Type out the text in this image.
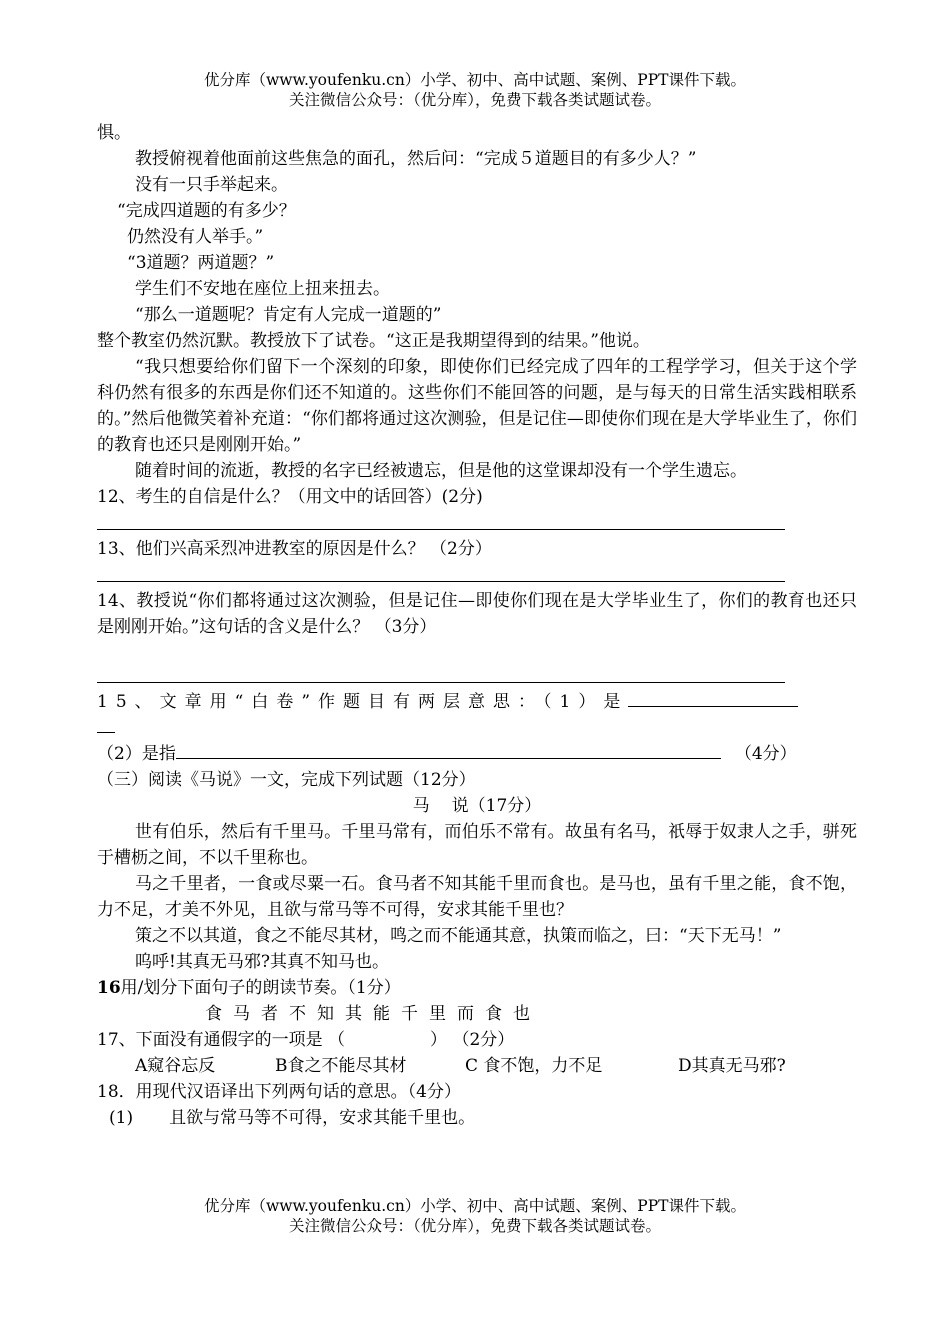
优分库（www.youfenku.cn）小学、初中、高中试题、案例、PPT课件下载。
关注微信公众号：（优分库），免费下载各类试题试卷。
惧。
教授俯视着他面前这些焦急的面孔，然后问：“完成５道题目的有多少人？”
没有一只手举起来。
“完成四道题的有多少？
仍然没有人举手。”
“3道题？两道题？”
学生们不安地在座位上扭来扭去。
“那么一道题呢？肯定有人完成一道题的”
整个教室仍然沉默。教授放下了试卷。“这正是我期望得到的结果。”他说。
“我只想要给你们留下一个深刻的印象，即使你们已经完成了四年的工程学学习，但关于这个学科仍然有很多的东西是你们还不知道的。这些你们不能回答的问题，是与每天的日常生活实践相联系的。”然后他微笑着补充道：“你们都将通过这次测验，但是记住—即使你们现在是大学毕业生了，你们的教育也还只是刚刚开始。”
随着时间的流逝，教授的名字已经被遗忘，但是他的这堂课却没有一个学生遗忘。
12、考生的自信是什么？（用文中的话回答）(2分)
13、他们兴高采烈冲进教室的原因是什么？ （2分）
14、教授说“你们都将通过这次测验，但是记住—即使你们现在是大学毕业生了，你们的教育也还只是刚刚开始。”这句话的含义是什么？ （3分）
15、文章用“白卷”作题目有两层意思：（1）是
（2）是指	（4分）
（三）阅读《马说》一文，完成下列试题（12分）
马 说（17分）
世有伯乐，然后有千里马。千里马常有，而伯乐不常有。故虽有名马，祇辱于奴隶人之手，骈死于槽枥之间，不以千里称也。
马之千里者，一食或尽粟一石。食马者不知其能千里而食也。是马也，虽有千里之能，食不饱，力不足，才美不外见，且欲与常马等不可得，安求其能千里也？
策之不以其道，食之不能尽其材，鸣之而不能通其意，执策而临之，曰：“天下无马！”
呜呼!其真无马邪?其真不知马也。
16用/划分下面句子的朗读节奏。（1分）
食马者不知其能千里而食也
17、下面没有通假字的一项是 （　　　　　） （2分）
A窥谷忘反	B食之不能尽其材	C 食不饱，力不足	D其真无马邪?
18．用现代汉语译出下列两句话的意思。（4分）
(1) 且欲与常马等不可得，安求其能千里也。
优分库（www.youfenku.cn）小学、初中、高中试题、案例、PPT课件下载。
关注微信公众号：（优分库），免费下载各类试题试卷。
